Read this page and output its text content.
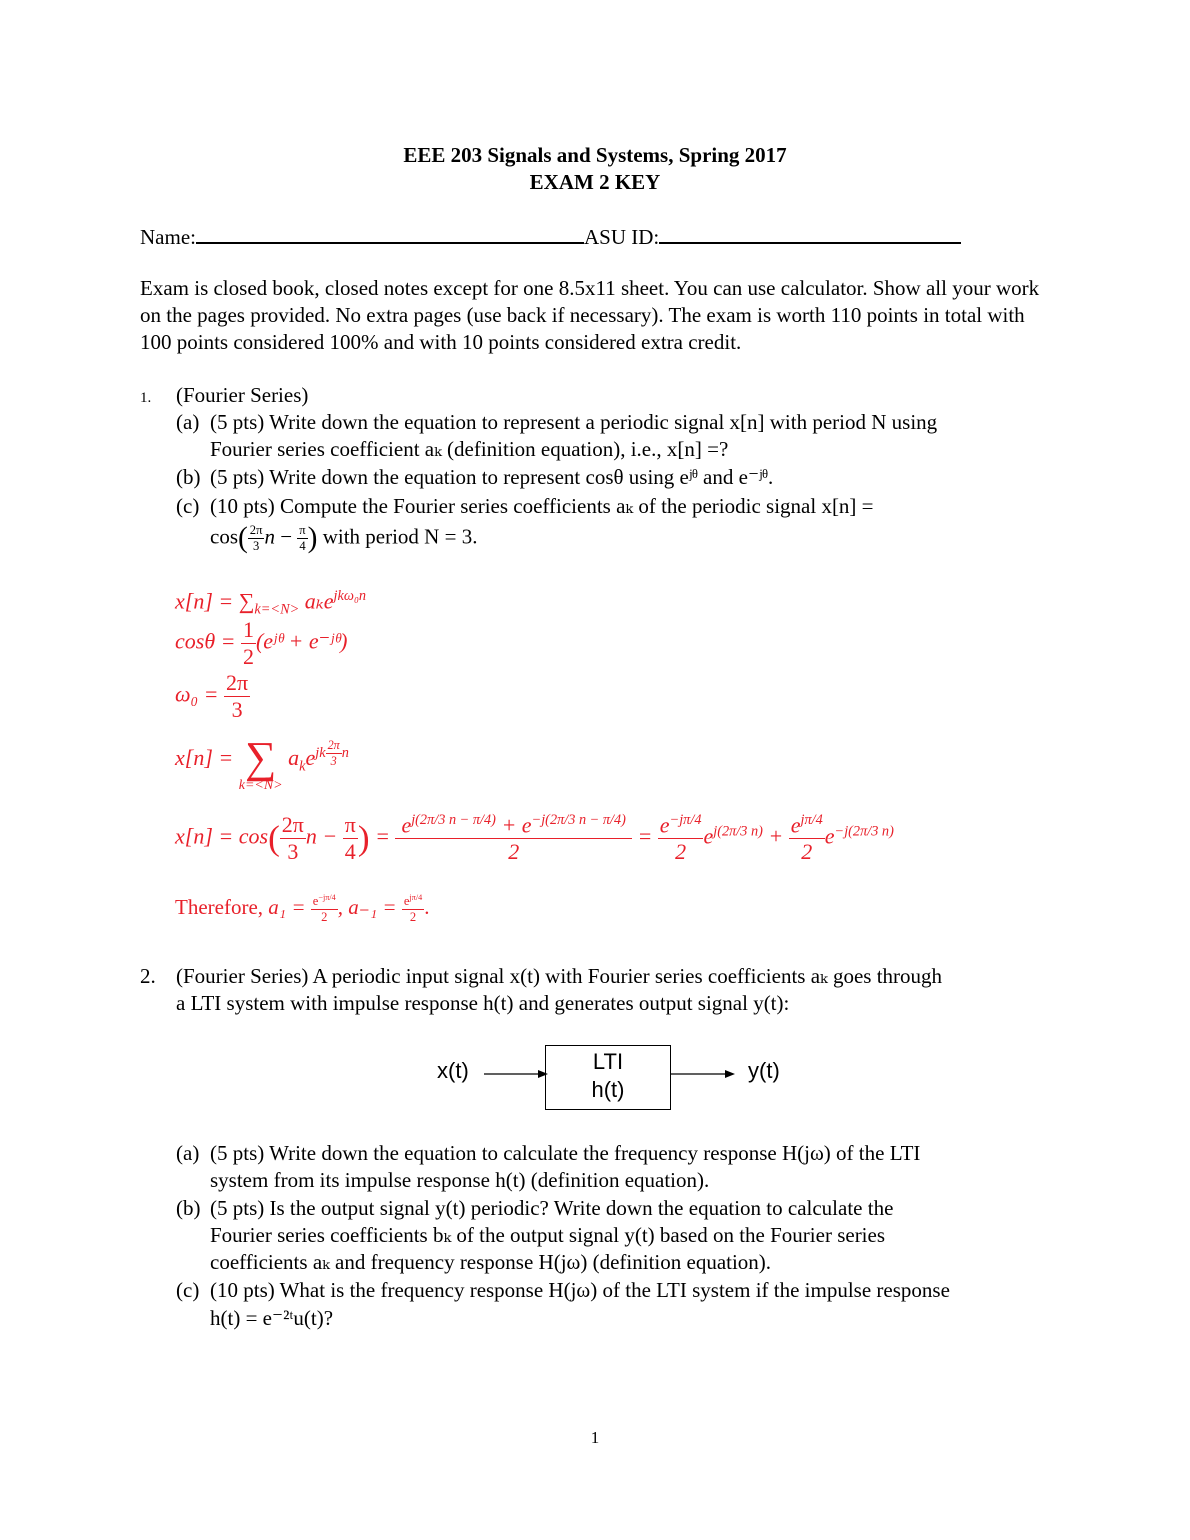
EEE 203 Signals and Systems, Spring 2017
EXAM 2 KEY
Name:	ASU ID:
Exam is closed book, closed notes except for one 8.5x11 sheet. You can use calculator. Show all your work on the pages provided. No extra pages (use back if necessary). The exam is worth 110 points in total with 100 points considered 100% and with 10 points considered extra credit.
1. (Fourier Series)
(a) (5 pts) Write down the equation to represent a periodic signal x[n] with period N using
Fourier series coefficient aₖ (definition equation), i.e., x[n] =?
(b) (5 pts) Write down the equation to represent cosθ using eʲᶿ and e⁻ʲᶿ.
(c) (10 pts) Compute the Fourier series coefficients aₖ of the periodic signal x[n] =
$\cos( \frac{2\pi}{3}$ $n - \frac{\pi}{4}$ ) with period N = 3.
$x[n] = \sum_{k=<N>}$ aₖe$^{jk\omega_0n}$
$\cos\theta = \frac{1}{2}$ (eʲᶿ + e⁻ʲᶿ)
$\omega_0 = \frac{2\pi}{3}$
x[n] = ∑
k=<N>
$a_ke^{jk \frac{2\pi}{3} n}$
$x[n] = \cos( \frac{2\pi}{3}$ $n - \frac{\pi}{4}$ ) = $\frac{e^{j(2\pi/3 n - \pi/4)} + e^{-j(2\pi/3 n - \pi/4)}}{2} = \frac{e^{-j\pi/4}}{2} e^{j(2\pi/3 n)} + \frac{e^{j\pi/4}}{2} e^{-j(2\pi/3 n)}$
Therefore, $a_1 = \frac{e^{-j\pi/4}}{2}$ , $a_{-1} = \frac{e^{j\pi/4}}{2}$ .
2. (Fourier Series) A periodic input signal x(t) with Fourier series coefficients aₖ goes through
a LTI system with impulse response h(t) and generates output signal y(t):
x(t)	LTI
h(t)
y(t)
(a) (5 pts) Write down the equation to calculate the frequency response H(jω) of the LTI
system from its impulse response h(t) (definition equation).
(b) (5 pts) Is the output signal y(t) periodic? Write down the equation to calculate the
Fourier series coefficients bₖ of the output signal y(t) based on the Fourier series
coefficients aₖ and frequency response H(jω) (definition equation).
(c) (10 pts) What is the frequency response H(jω) of the LTI system if the impulse response
h(t) = e⁻²ᵗu(t)?
1
